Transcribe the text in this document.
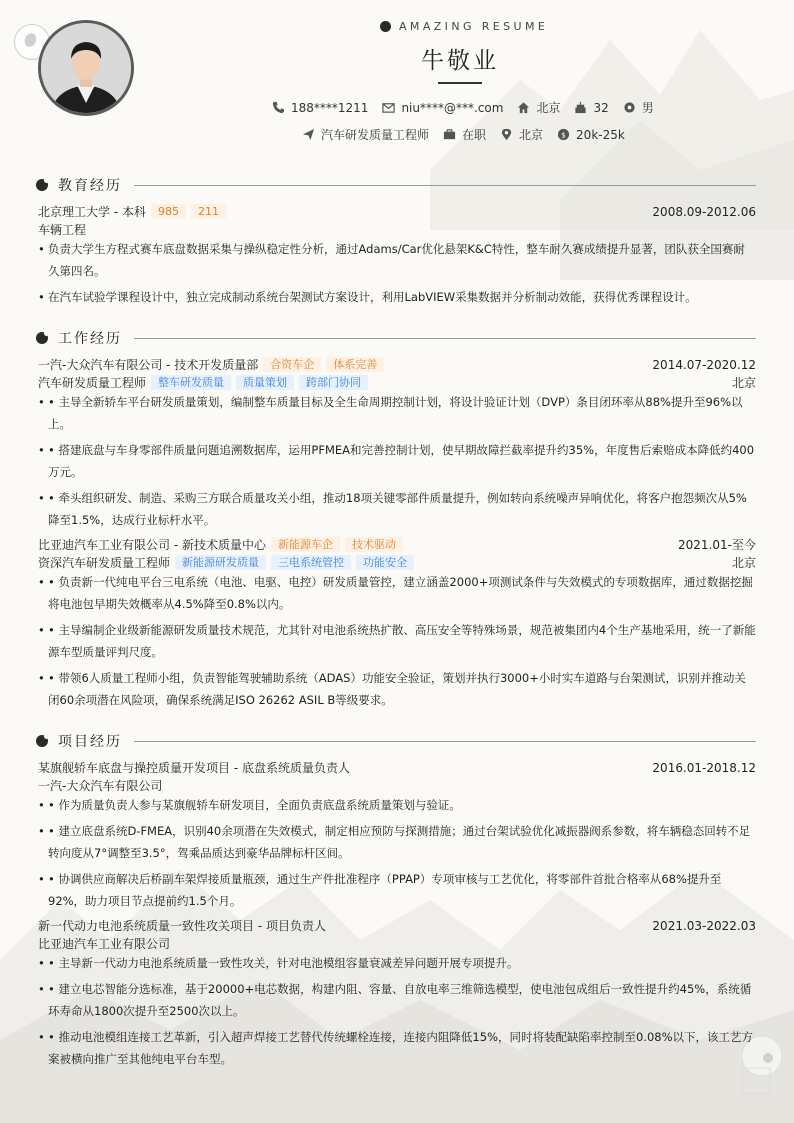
AMAZING RESUME
牛敬业
188****1211	niu****@***.com	北京	32	男
汽车研发质量工程师	在职	北京 $ 20k-25k
教育经历
北京理工大学 - 本科	985	211	2008.09-2012.06
车辆工程
• 负责大学生方程式赛车底盘数据采集与操纵稳定性分析，通过Adams/Car优化悬架K&C特性，整车耐久赛成绩提升显著，团队获全国赛耐久第四名。
• 在汽车试验学课程设计中，独立完成制动系统台架测试方案设计，利用LabVIEW采集数据并分析制动效能，获得优秀课程设计。
工作经历
一汽-大众汽车有限公司 - 技术开发质量部	合资车企	体系完善	2014.07-2020.12
汽车研发质量工程师	整车研发质量	质量策划	跨部门协同	北京
• • 主导全新轿车平台研发质量策划，编制整车质量目标及全生命周期控制计划，将设计验证计划（DVP）条目闭环率从88%提升至96%以上。
• • 搭建底盘与车身零部件质量问题追溯数据库，运用PFMEA和完善控制计划，使早期故障拦截率提升约35%，年度售后索赔成本降低约400万元。
• • 牵头组织研发、制造、采购三方联合质量攻关小组，推动18项关键零部件质量提升，例如转向系统噪声异响优化，将客户抱怨频次从5%降至1.5%，达成行业标杆水平。
比亚迪汽车工业有限公司 - 新技术质量中心	新能源车企	技术驱动	2021.01-至今
资深汽车研发质量工程师	新能源研发质量	三电系统管控	功能安全	北京
• • 负责新一代纯电平台三电系统（电池、电驱、电控）研发质量管控，建立涵盖2000+项测试条件与失效模式的专项数据库，通过数据挖掘将电池包早期失效概率从4.5%降至0.8%以内。
• • 主导编制企业级新能源研发质量技术规范，尤其针对电池系统热扩散、高压安全等特殊场景，规范被集团内4个生产基地采用，统一了新能源车型质量评判尺度。
• • 带领6人质量工程师小组，负责智能驾驶辅助系统（ADAS）功能安全验证，策划并执行3000+小时实车道路与台架测试，识别并推动关闭60余项潜在风险项，确保系统满足ISO 26262 ASIL B等级要求。
项目经历
某旗舰轿车底盘与操控质量开发项目 - 底盘系统质量负责人	2016.01-2018.12
一汽-大众汽车有限公司
• • 作为质量负责人参与某旗舰轿车研发项目，全面负责底盘系统质量策划与验证。
• • 建立底盘系统D-FMEA，识别40余项潜在失效模式，制定相应预防与探测措施；通过台架试验优化减振器阀系参数，将车辆稳态回转不足转向度从7°调整至3.5°，驾乘品质达到豪华品牌标杆区间。
• • 协调供应商解决后桥副车架焊接质量瓶颈，通过生产件批准程序（PPAP）专项审核与工艺优化，将零部件首批合格率从68%提升至92%，助力项目节点提前约1.5个月。
新一代动力电池系统质量一致性攻关项目 - 项目负责人	2021.03-2022.03
比亚迪汽车工业有限公司
• • 主导新一代动力电池系统质量一致性攻关，针对电池模组容量衰减差异问题开展专项提升。
• • 建立电芯智能分选标准，基于20000+电芯数据，构建内阻、容量、自放电率三维筛选模型，使电池包成组后一致性提升约45%，系统循环寿命从1800次提升至2500次以上。
• • 推动电池模组连接工艺革新，引入超声焊接工艺替代传统螺栓连接，连接内阻降低15%，同时将装配缺陷率控制至0.08%以下，该工艺方案被横向推广至其他纯电平台车型。
